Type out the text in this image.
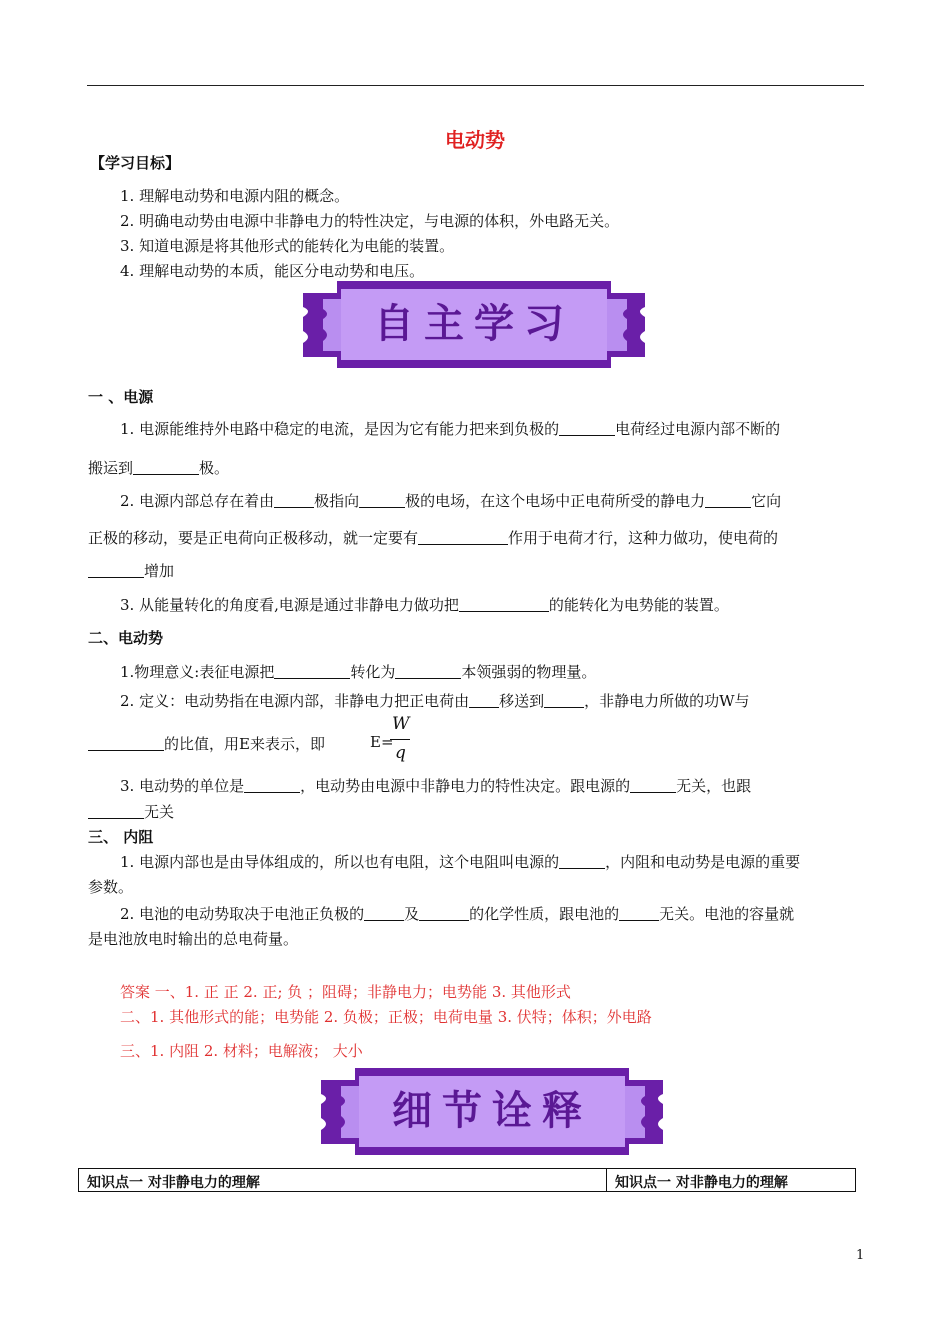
电动势
【学习目标】
1. 理解电动势和电源内阻的概念。
2. 明确电动势由电源中非静电力的特性决定，与电源的体积，外电路无关。
3. 知道电源是将其他形式的能转化为电能的装置。
4. 理解电动势的本质，能区分电动势和电压。
自主学习
一 、电源
1. 电源能维持外电路中稳定的电流，是因为它有能力把来到负极的	电荷经过电源内部不断的
搬运到	极。
2. 电源内部总存在着由	极指向	极的电场，在这个电场中正电荷所受的静电力	它向
正极的移动，要是正电荷向正极移动，就一定要有	作用于电荷才行，这种力做功，使电荷的
增加
3. 从能量转化的角度看,电源是通过非静电力做功把	的能转化为电势能的装置。
二、电动势
1.物理意义:表征电源把	转化为	本领强弱的物理量。
2. 定义：电动势指在电源内部，非静电力把正电荷由 移送到	，非静电力所做的功W与
的比值，用E来表示，即	E=
W
q
3. 电动势的单位是	，电动势由电源中非静电力的特性决定。跟电源的	无关，也跟
无关
三、 内阻
1. 电源内部也是由导体组成的，所以也有电阻，这个电阻叫电源的	，内阻和电动势是电源的重要
参数。
2. 电池的电动势取决于电池正负极的	及	的化学性质，跟电池的	无关。电池的容量就
是电池放电时输出的总电荷量。
答案 一、1. 正 正 2. 正; 负 ；阻碍；非静电力；电势能 3. 其他形式
二、1. 其他形式的能；电势能 2. 负极；正极；电荷电量 3. 伏特；体积；外电路
三、1. 内阻 2. 材料；电解液； 大小
细节诠释
知识点一 对非静电力的理解	知识点一 对非静电力的理解
1
